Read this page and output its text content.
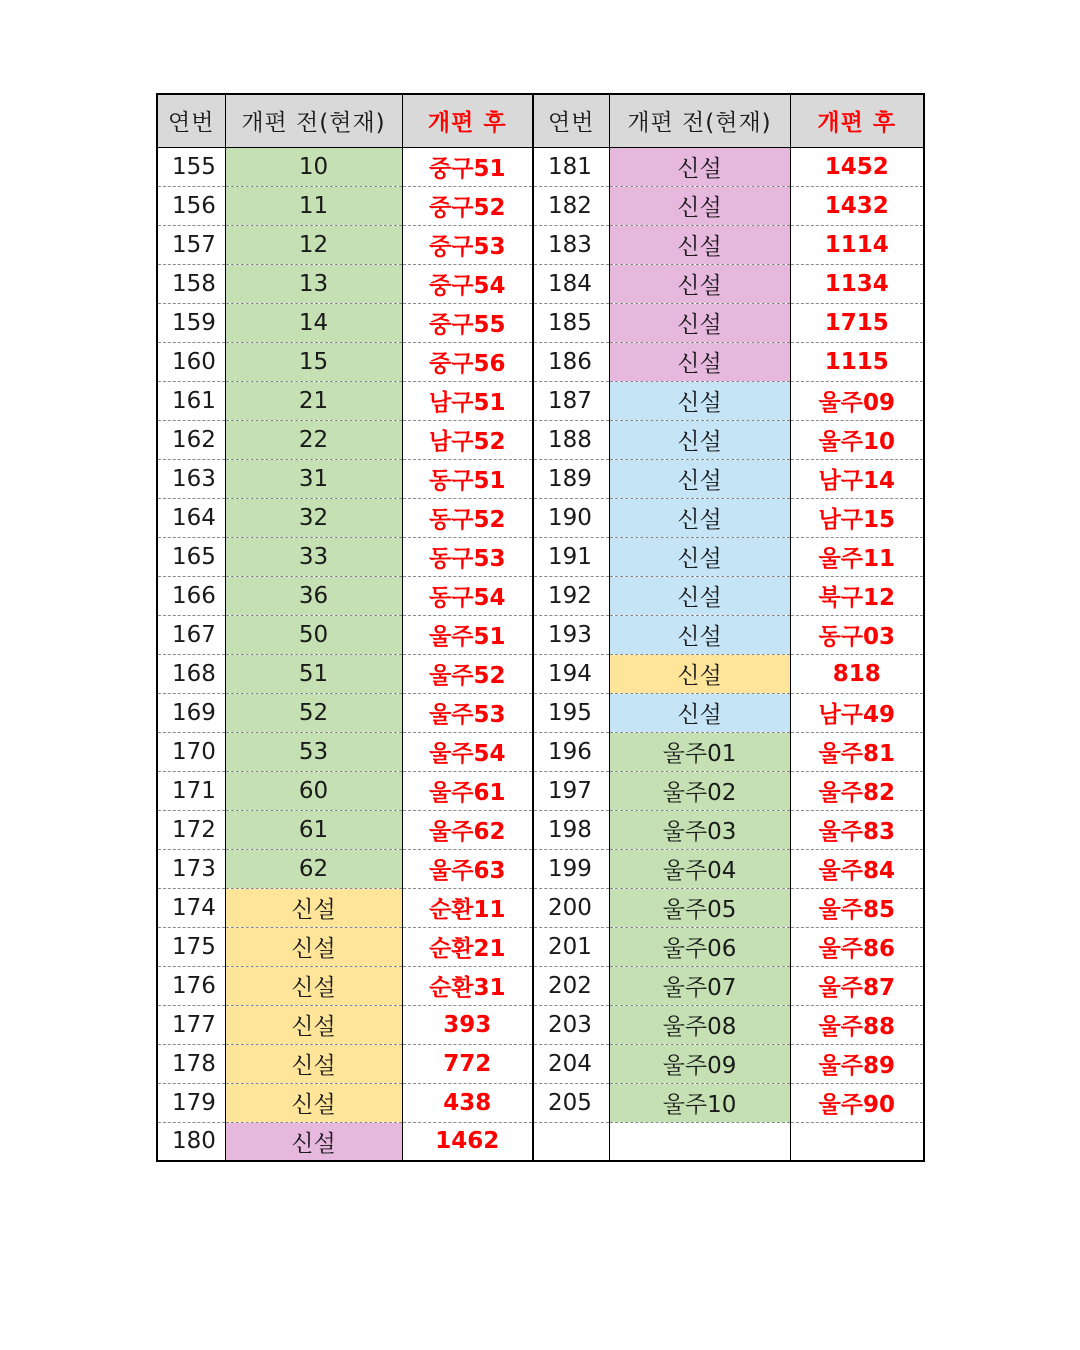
연번	개편 전(현재)	개편 후	연번	개편 전(현재)	개편 후
155	10	중구51	181	신설	1452
156	11	중구52	182	신설	1432
157	12	중구53	183	신설	1114
158	13	중구54	184	신설	1134
159	14	중구55	185	신설	1715
160	15	중구56	186	신설	1115
161	21	남구51	187	신설	울주09
162	22	남구52	188	신설	울주10
163	31	동구51	189	신설	남구14
164	32	동구52	190	신설	남구15
165	33	동구53	191	신설	울주11
166	36	동구54	192	신설	북구12
167	50	울주51	193	신설	동구03
168	51	울주52	194	신설	818
169	52	울주53	195	신설	남구49
170	53	울주54	196	울주01	울주81
171	60	울주61	197	울주02	울주82
172	61	울주62	198	울주03	울주83
173	62	울주63	199	울주04	울주84
174	신설	순환11	200	울주05	울주85
175	신설	순환21	201	울주06	울주86
176	신설	순환31	202	울주07	울주87
177	신설	393	203	울주08	울주88
178	신설	772	204	울주09	울주89
179	신설	438	205	울주10	울주90
180	신설	1462			
